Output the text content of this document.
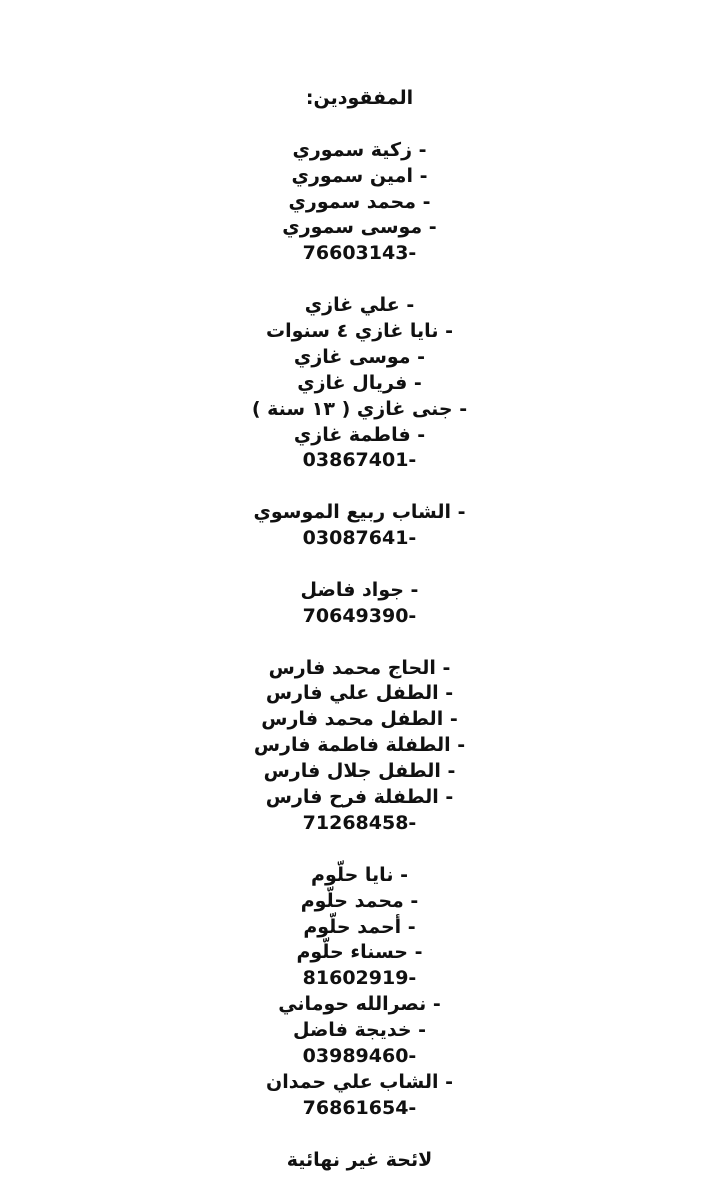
المفقودين:
- زكية سموري
- امين سموري
- محمد سموري
- موسى سموري
76603143-
- علي غازي
- نايا غازي ٤ سنوات
- موسى غازي
- فريال غازي
- جنى غازي ( ١٣ سنة )
- فاطمة غازي
03867401-
- الشاب ربيع الموسوي
03087641-
- جواد فاضل
70649390-
- الحاج محمد فارس
- الطفل علي فارس
- الطفل محمد فارس
- الطفلة فاطمة فارس
- الطفل جلال فارس
- الطفلة فرح فارس
71268458-
- نايا حلّوم
- محمد حلّوم
- أحمد حلّوم
- حسناء حلّوم
81602919-
- نصرالله حوماني
- خديجة فاضل
03989460-
- الشاب علي حمدان
76861654-
لائحة غير نهائية
